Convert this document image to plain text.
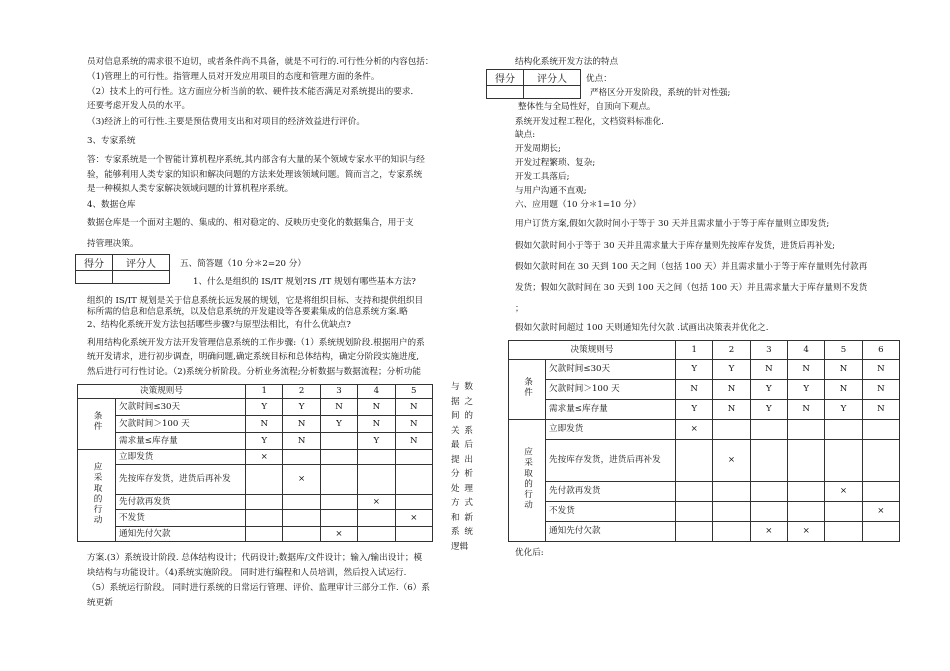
员对信息系统的需求很不迫切，或者条件尚不具备，就是不可行的.可行性分析的内容包括：
（1)管理上的可行性。指管理人员对开发应用项目的态度和管理方面的条件。
（2）技术上的可行性。这方面应分析当前的软、硬件技术能否满足对系统提出的要求．
还要考虑开发人员的水平。
（3)经济上的可行性.主要是预估费用支出和对项目的经济效益进行评价。
3、专家系统
答：专家系统是一个智能计算机程序系统,其内部含有大量的某个领域专家水平的知识与经
验，能够利用人类专家的知识和解决问题的方法来处理该领域问题。简而言之，专家系统
是一种模拟人类专家解决领域问题的计算机程序系统。
4、数据仓库
数据仓库是一个面对主题的、集成的、相对稳定的、反映历史变化的数据集合，用于支
持管理决策。
得分	评分人
		五、简答题（10 分＊2=20 分）
1、什么是组织的 IS/IT 规划?IS /IT 规划有哪些基本方法?
组织的 IS/IT 规划是关于信息系统长远发展的规划，它是将组织目标、支持和提供组织目
标所需的信息和信息系统，以及信息系统的开发建设等各要素集成的信息系统方案.略
2、结构化系统开发方法包括哪些步骤?与原型法相比，有什么优缺点?
利用结构化系统开发方法开发管理信息系统的工作步骤:（1）系统规划阶段.根据用户的系
统开发请求，进行初步调查，明确问题,确定系统目标和总体结构，确定分阶段实施进度,
然后进行可行性讨论。（2)系统分析阶段。分析业务流程;分析数据与数据流程；分析功能
与数据之间的关系最后提出分析处理方式和新系统逻辑
决策规则号		1	2	3	4	5
条件	欠款时间≤30天	Y	Y	N	N	N
	欠款时间＞100 天	N	N	Y	N	N
	需求量≤库存量	Y	N		Y	N
应采取的行动	立即发货	×				
	先按库存发货，进货后再补发		×			
	先付款再发货				×	
	不发货					×
	通知先付欠款			×		
方案.(3）系统设计阶段. 总体结构设计；代码设计;数据库/文件设计；输入/输出设计；模
块结构与功能设计。（4)系统实施阶段。 同时进行编程和人员培训，然后投入试运行.
（5）系统运行阶段。 同时进行系统的日常运行管理、评价、监理审计三部分工作.（6）系
统更新
结构化系统开发方法的特点
得分	评分人
	优点：
严格区分开发阶段，系统的针对性强;
整体性与全局性好，自顶向下观点。
系统开发过程工程化，文档资料标准化.
缺点:
开发周期长;
开发过程繁琐、复杂;
开发工具落后;
与用户沟通不直观;
六、应用题（10 分＊1=10 分）
用户订货方案,假如欠款时间小于等于 30 天并且需求量小于等于库存量则立即发货;
假如欠款时间小于等于 30 天并且需求量大于库存量则先按库存发货，进货后再补发;
假如欠款时间在 30 天到 100 天之间（包括 100 天）并且需求量小于等于库存量则先付款再
发货；假如欠款时间在 30 天到 100 天之间（包括 100 天）并且需求量大于库存量则不发货
；
假如欠款时间超过 100 天则通知先付欠款 .试画出决策表并优化之.
决策规则号		1	2	3	4	5	6
条件	欠款时间≤30天	Y	Y	N	N	N	N
	欠款时间＞100 天	N	N	Y	Y	N	N
	需求量≤库存量	Y	N	Y	N	Y	N
应采取的行动	立即发货	×					
	先按库存发货，进货后再补发		×				
	先付款再发货					×	
	不发货						×
	通知先付欠款			×	×		
优化后:
